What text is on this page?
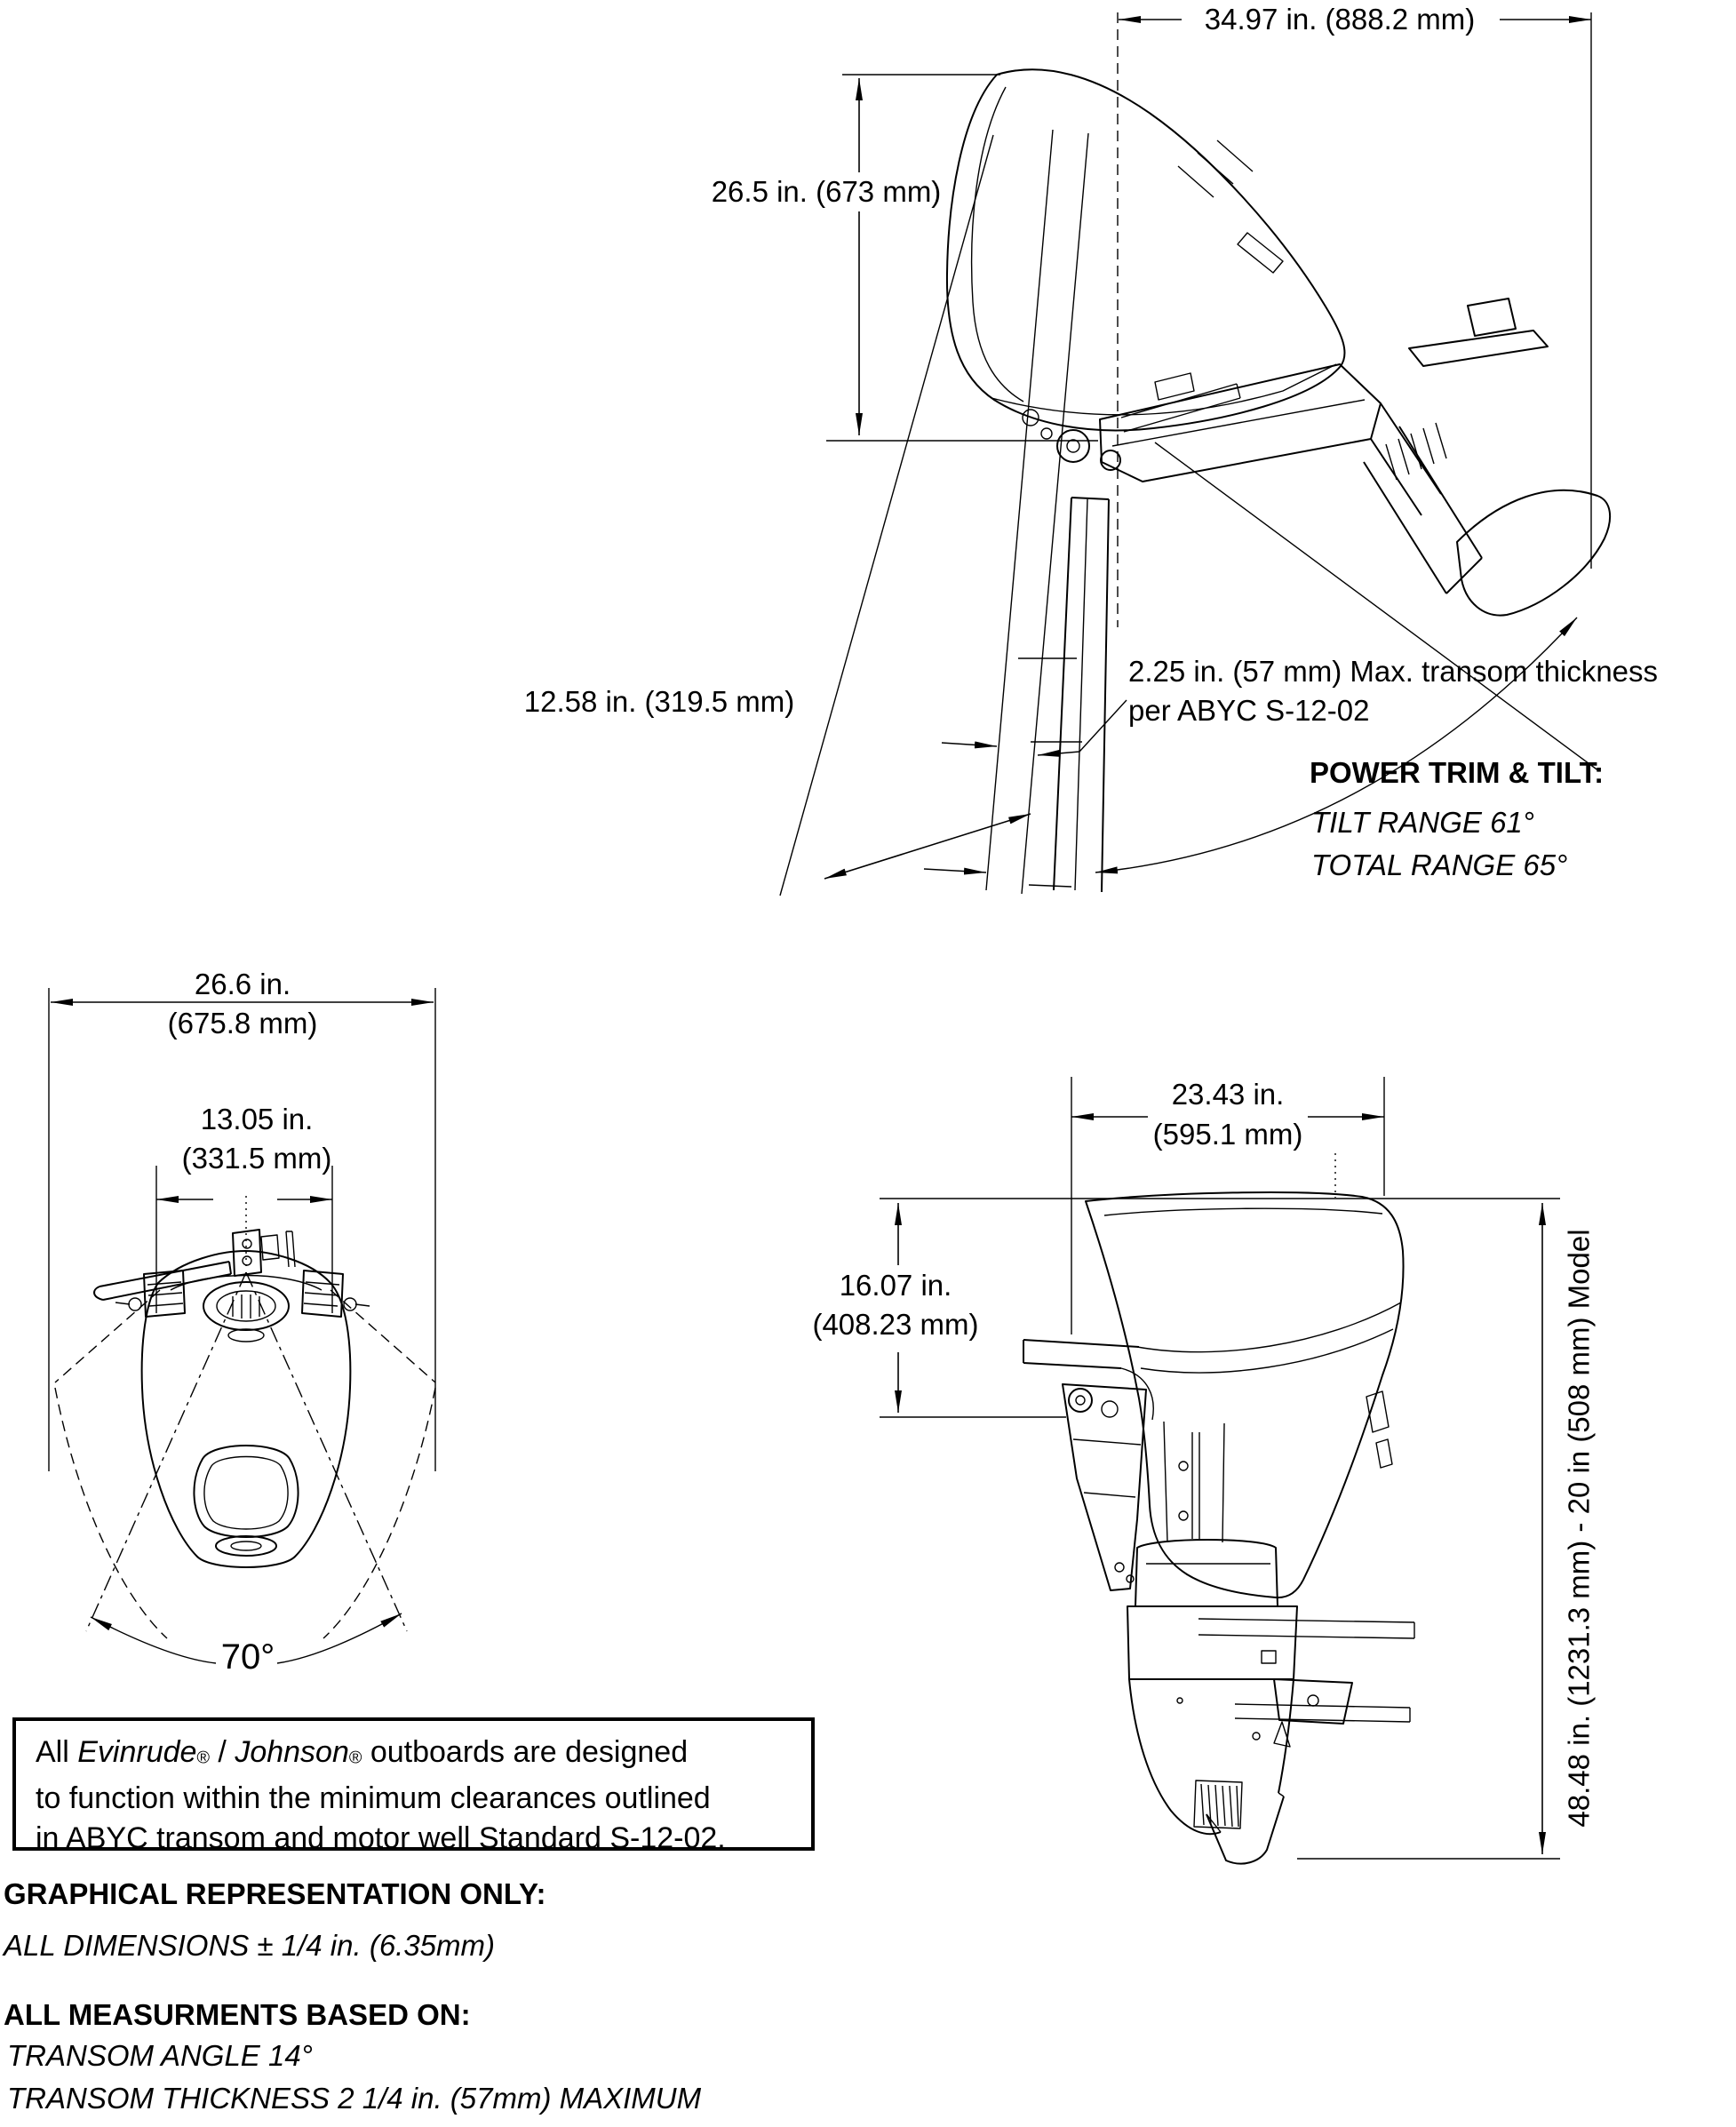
34.97 in. (888.2 mm)
26.5 in. (673 mm)
12.58 in. (319.5 mm)
2.25 in. (57 mm) Max. transom thickness
per ABYC S-12-02
POWER TRIM & TILT:
TILT RANGE 61°
TOTAL RANGE 65°
26.6 in.
(675.8 mm)
13.05 in.
(331.5 mm)
70°
23.43 in.
(595.1 mm)
16.07 in.
(408.23 mm)	48.48 in. (1231.3 mm) - 20 in (508 mm) Model
All Evinrude® / Johnson® outboards are designed
to function within the minimum clearances outlined
in ABYC transom and motor well Standard S-12-02.
GRAPHICAL REPRESENTATION ONLY:
ALL DIMENSIONS ± 1/4 in. (6.35mm)
ALL MEASURMENTS BASED ON:
TRANSOM ANGLE 14°
TRANSOM THICKNESS 2 1/4 in. (57mm) MAXIMUM
